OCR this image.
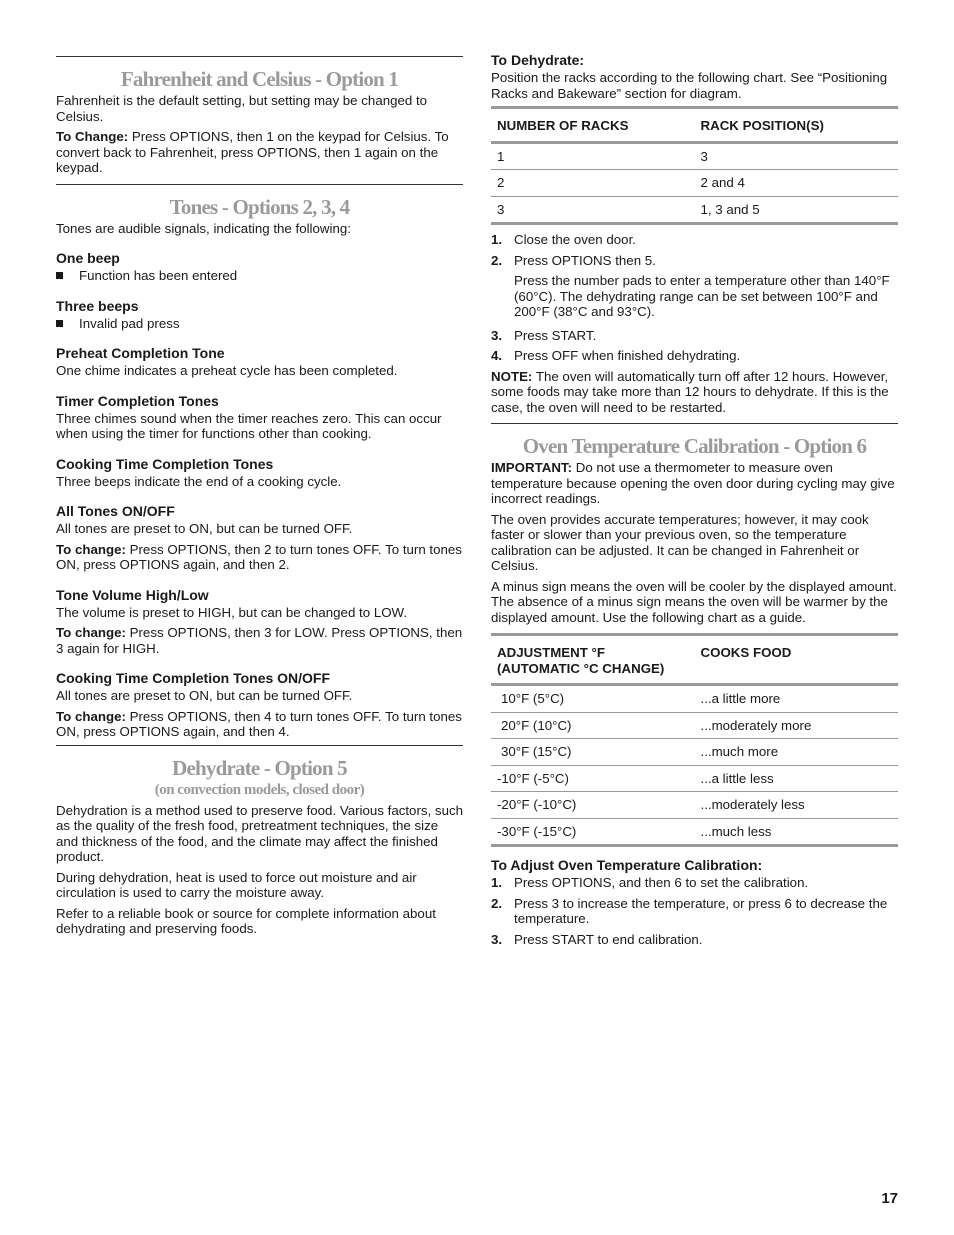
Fahrenheit and Celsius - Option 1

Fahrenheit is the default setting, but setting may be changed to Celsius.

To Change: Press OPTIONS, then 1 on the keypad for Celsius. To convert back to Fahrenheit, press OPTIONS, then 1 again on the keypad.

Tones - Options 2, 3, 4

Tones are audible signals, indicating the following:

One beep
Function has been entered
Three beeps
Invalid pad press
Preheat Completion Tone

One chime indicates a preheat cycle has been completed.

Timer Completion Tones

Three chimes sound when the timer reaches zero. This can occur when using the timer for functions other than cooking.

Cooking Time Completion Tones

Three beeps indicate the end of a cooking cycle.

All Tones ON/OFF

All tones are preset to ON, but can be turned OFF.

To change: Press OPTIONS, then 2 to turn tones OFF. To turn tones ON, press OPTIONS again, and then 2.

Tone Volume High/Low

The volume is preset to HIGH, but can be changed to LOW.

To change: Press OPTIONS, then 3 for LOW. Press OPTIONS, then 3 again for HIGH.

Cooking Time Completion Tones ON/OFF

All tones are preset to ON, but can be turned OFF.

To change: Press OPTIONS, then 4 to turn tones OFF. To turn tones ON, press OPTIONS again, and then 4.

Dehydrate - Option 5
(on convection models, closed door)

Dehydration is a method used to preserve food. Various factors, such as the quality of the fresh food, pretreatment techniques, the size and thickness of the food, and the climate may affect the finished product.

During dehydration, heat is used to force out moisture and air circulation is used to carry the moisture away.

Refer to a reliable book or source for complete information about dehydrating and preserving foods.

To Dehydrate:

Position the racks according to the following chart. See “Positioning Racks and Bakeware” section for diagram.

NUMBER OF RACKS	RACK POSITION(S)
1	3
2	2 and 4
3	1, 3 and 5
1. Close the oven door.
2. Press OPTIONS then 5.

Press the number pads to enter a temperature other than 140°F (60°C). The dehydrating range can be set between 100°F and 200°F (38°C and 93°C).

3. Press START.
4. Press OFF when finished dehydrating.

NOTE: The oven will automatically turn off after 12 hours. However, some foods may take more than 12 hours to dehydrate. If this is the case, the oven will need to be restarted.

Oven Temperature Calibration - Option 6

IMPORTANT: Do not use a thermometer to measure oven temperature because opening the oven door during cycling may give incorrect readings.

The oven provides accurate temperatures; however, it may cook faster or slower than your previous oven, so the temperature calibration can be adjusted. It can be changed in Fahrenheit or Celsius.

A minus sign means the oven will be cooler by the displayed amount. The absence of a minus sign means the oven will be warmer by the displayed amount. Use the following chart as a guide.

ADJUSTMENT °F
(AUTOMATIC °C CHANGE)	COOKS FOOD
10°F (5°C)	...a little more
20°F (10°C)	...moderately more
30°F (15°C)	...much more
-10°F (-5°C)	...a little less
-20°F (-10°C)	...moderately less
-30°F (-15°C)	...much less
To Adjust Oven Temperature Calibration:
1. Press OPTIONS, and then 6 to set the calibration.
2. Press 3 to increase the temperature, or press 6 to decrease the temperature.
3. Press START to end calibration.
17
